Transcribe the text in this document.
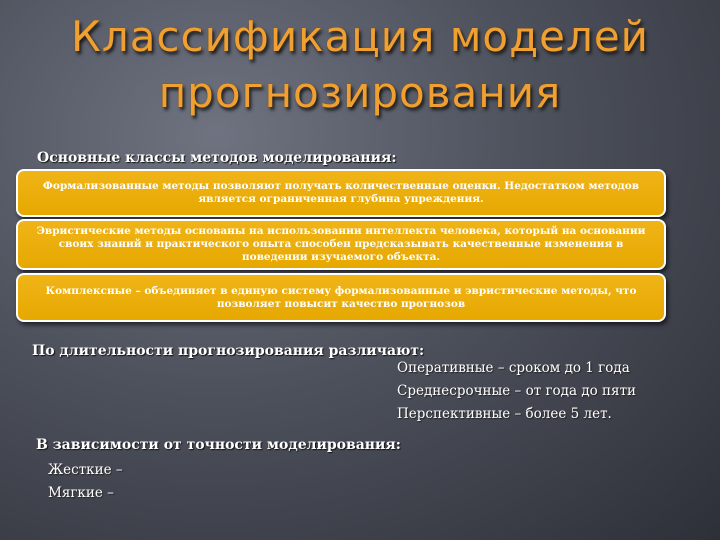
Классификация моделей
прогнозирования
Основные классы методов моделирования:
Формализованные методы позволяют получать количественные оценки. Недостатком методов является ограниченная глубина упреждения.
Эвристические методы основаны на использовании интеллекта человека, который на основании своих знаний и практического опыта способен предсказывать качественные изменения в поведении изучаемого объекта.
Комплексные – объединяет в единую систему формализованные и эвристические методы, что позволяет повысит качество прогнозов
По длительности прогнозирования различают:
Оперативные – сроком до 1 года
Среднесрочные – от года до пяти
Перспективные – более 5 лет.
В зависимости от точности моделирования:
Жесткие –
Мягкие –
